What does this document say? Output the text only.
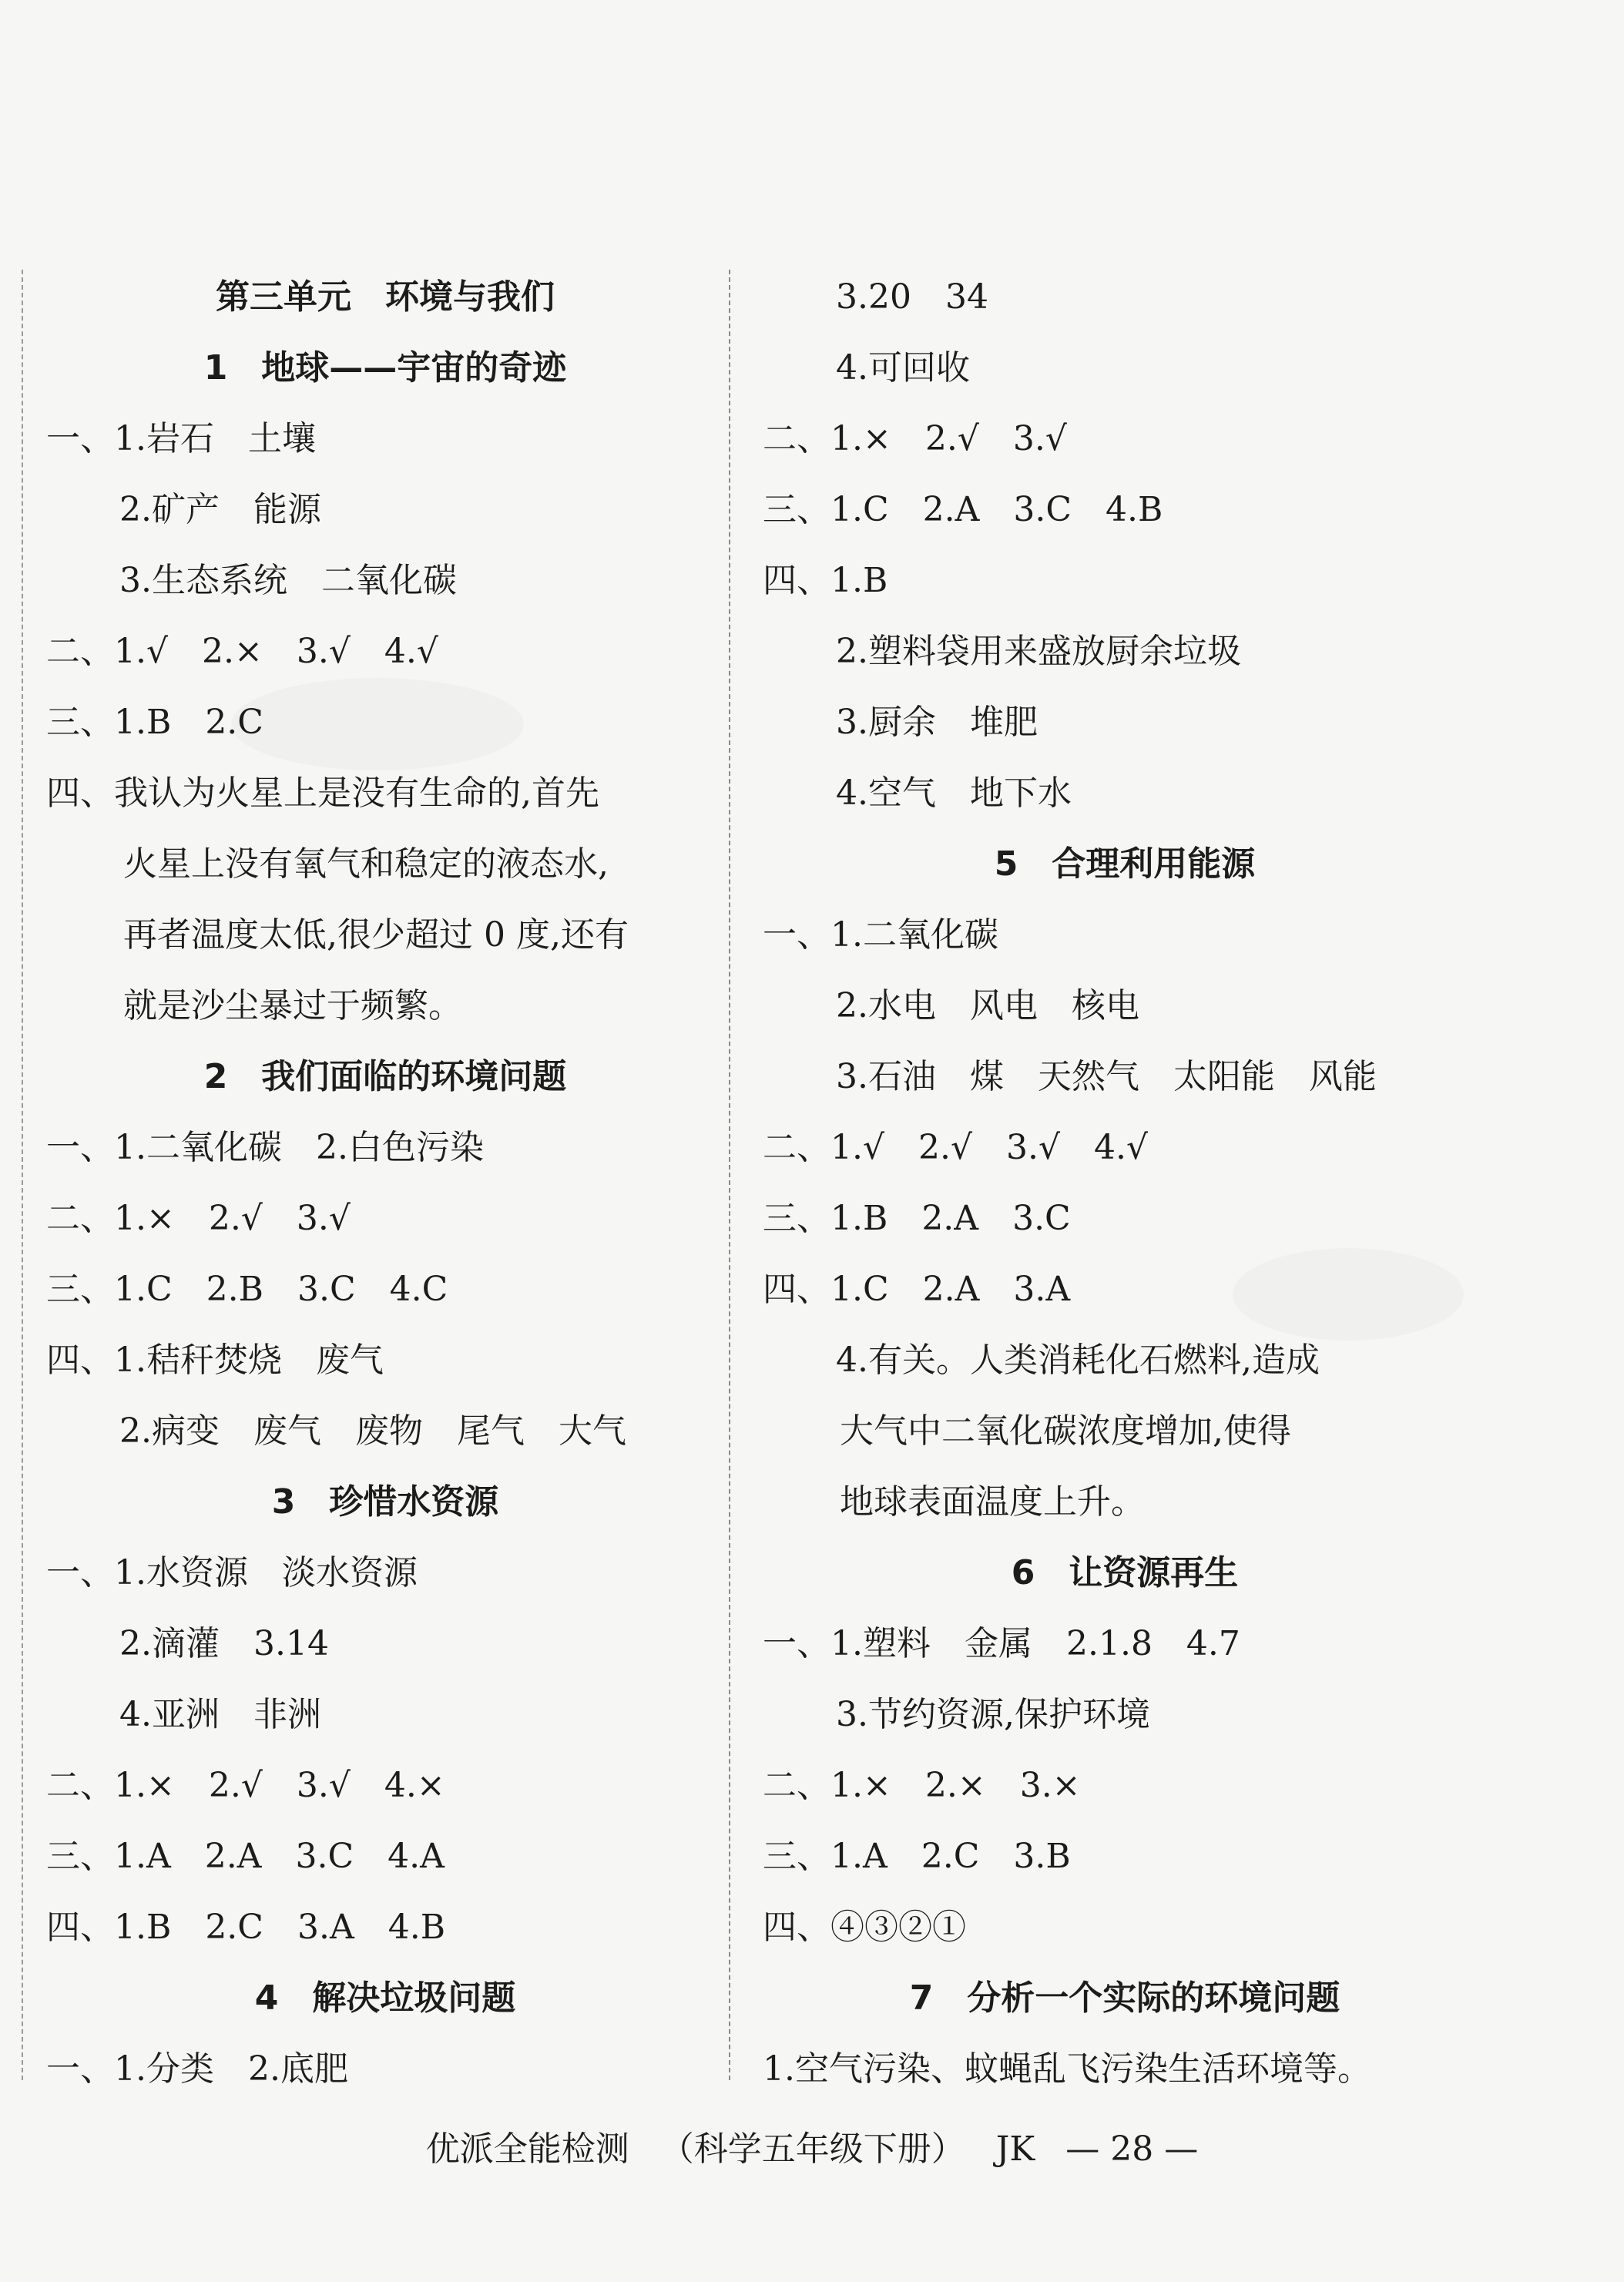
第三单元　环境与我们
1　地球——宇宙的奇迹
一、1.岩石　土壤
2.矿产　能源
3.生态系统　二氧化碳
二、1.√　2.×　3.√　4.√
三、1.B　2.C
四、我认为火星上是没有生命的,首先
火星上没有氧气和稳定的液态水,
再者温度太低,很少超过 0 度,还有
就是沙尘暴过于频繁。
2　我们面临的环境问题
一、1.二氧化碳　2.白色污染
二、1.×　2.√　3.√
三、1.C　2.B　3.C　4.C
四、1.秸秆焚烧　废气
2.病变　废气　废物　尾气　大气
3　珍惜水资源
一、1.水资源　淡水资源
2.滴灌　3.14
4.亚洲　非洲
二、1.×　2.√　3.√　4.×
三、1.A　2.A　3.C　4.A
四、1.B　2.C　3.A　4.B
4　解决垃圾问题
一、1.分类　2.底肥
3.20　34
4.可回收
二、1.×　2.√　3.√
三、1.C　2.A　3.C　4.B
四、1.B
2.塑料袋用来盛放厨余垃圾
3.厨余　堆肥
4.空气　地下水
5　合理利用能源
一、1.二氧化碳
2.水电　风电　核电
3.石油　煤　天然气　太阳能　风能
二、1.√　2.√　3.√　4.√
三、1.B　2.A　3.C
四、1.C　2.A　3.A
4.有关。人类消耗化石燃料,造成
大气中二氧化碳浓度增加,使得
地球表面温度上升。
6　让资源再生
一、1.塑料　金属　2.1.8　4.7
3.节约资源,保护环境
二、1.×　2.×　3.×
三、1.A　2.C　3.B
四、④③②①
7　分析一个实际的环境问题
1.空气污染、蚊蝇乱飞污染生活环境等。
优派全能检测 （科学五年级下册） JK — 28 —
